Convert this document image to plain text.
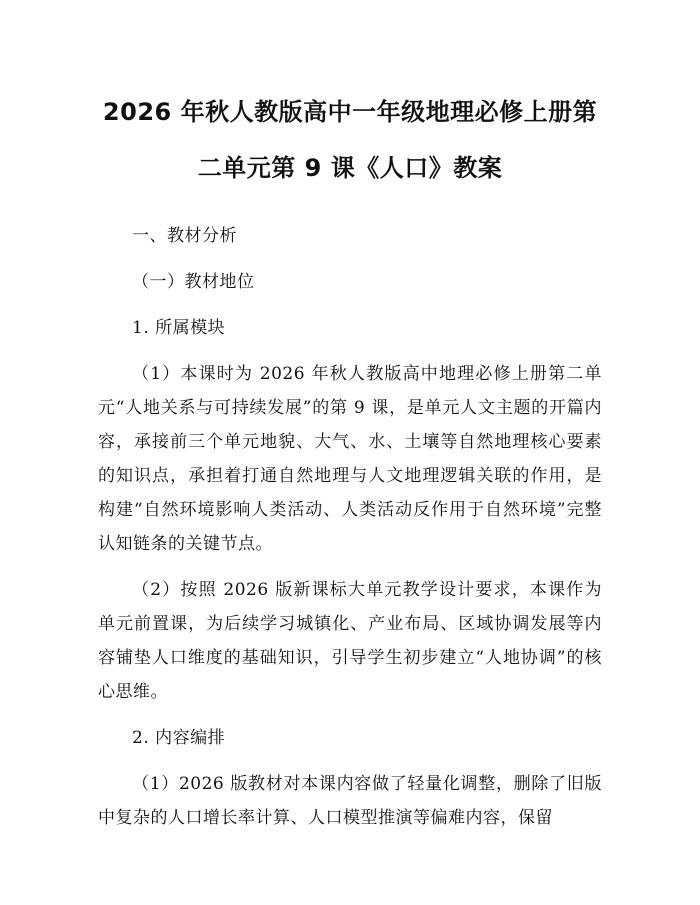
2026 年秋人教版高中一年级地理必修上册第
二单元第 9 课《人口》教案
一、教材分析
（一）教材地位
1. 所属模块

（1）本课时为 2026 年秋人教版高中地理必修上册第二单元“人地关系与可持续发展”的第 9 课，是单元人文主题的开篇内容，承接前三个单元地貌、大气、水、土壤等自然地理核心要素的知识点，承担着打通自然地理与人文地理逻辑关联的作用，是构建“自然环境影响人类活动、人类活动反作用于自然环境”完整认知链条的关键节点。

（2）按照 2026 版新课标大单元教学设计要求，本课作为单元前置课，为后续学习城镇化、产业布局、区域协调发展等内容铺垫人口维度的基础知识，引导学生初步建立“人地协调”的核心思维。

2. 内容编排

（1）2026 版教材对本课内容做了轻量化调整，删除了旧版中复杂的人口增长率计算、人口模型推演等偏难内容，保留
